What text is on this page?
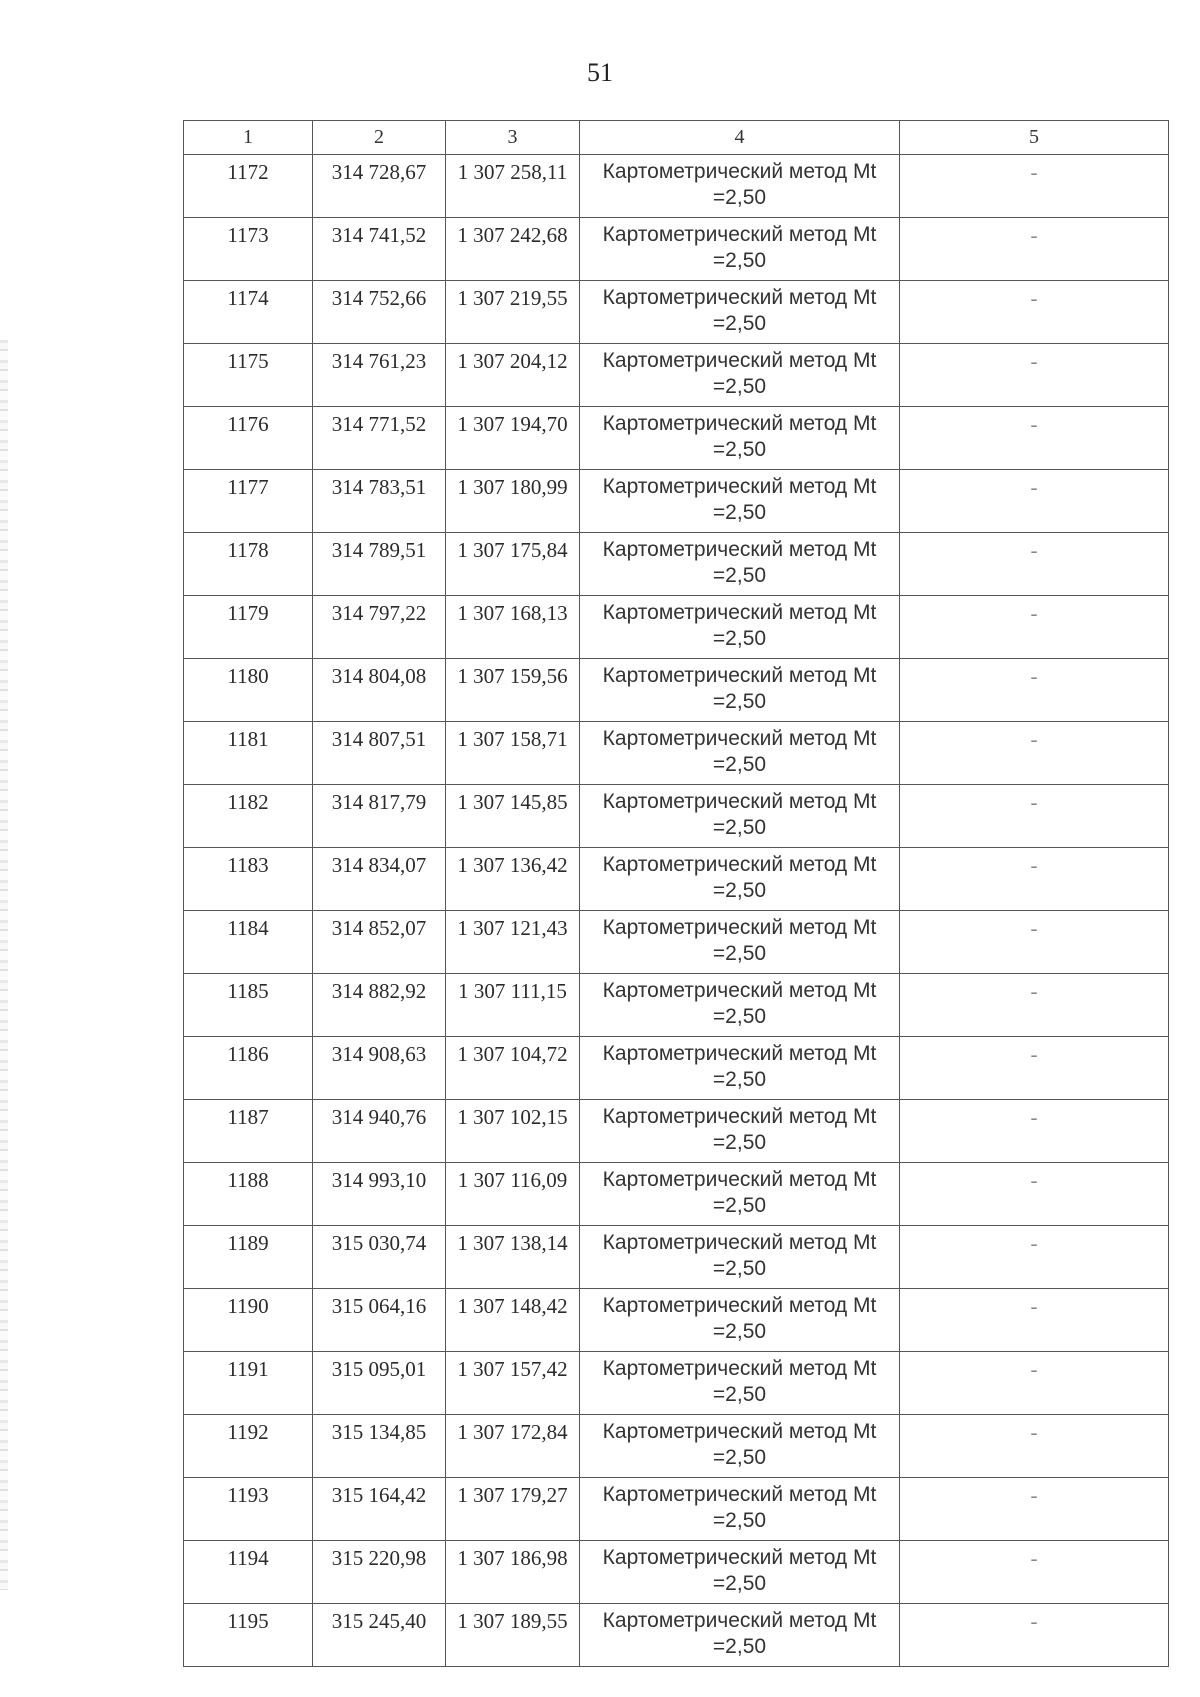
51
1	2	3	4	5
1172	314 728,67	1 307 258,11	Картометрический метод Mt =2,50	-
1173	314 741,52	1 307 242,68	Картометрический метод Mt =2,50	-
1174	314 752,66	1 307 219,55	Картометрический метод Mt =2,50	-
1175	314 761,23	1 307 204,12	Картометрический метод Mt =2,50	-
1176	314 771,52	1 307 194,70	Картометрический метод Mt =2,50	-
1177	314 783,51	1 307 180,99	Картометрический метод Mt =2,50	-
1178	314 789,51	1 307 175,84	Картометрический метод Mt =2,50	-
1179	314 797,22	1 307 168,13	Картометрический метод Mt =2,50	-
1180	314 804,08	1 307 159,56	Картометрический метод Mt =2,50	-
1181	314 807,51	1 307 158,71	Картометрический метод Mt =2,50	-
1182	314 817,79	1 307 145,85	Картометрический метод Mt =2,50	-
1183	314 834,07	1 307 136,42	Картометрический метод Mt =2,50	-
1184	314 852,07	1 307 121,43	Картометрический метод Mt =2,50	-
1185	314 882,92	1 307 111,15	Картометрический метод Mt =2,50	-
1186	314 908,63	1 307 104,72	Картометрический метод Mt =2,50	-
1187	314 940,76	1 307 102,15	Картометрический метод Mt =2,50	-
1188	314 993,10	1 307 116,09	Картометрический метод Mt =2,50	-
1189	315 030,74	1 307 138,14	Картометрический метод Mt =2,50	-
1190	315 064,16	1 307 148,42	Картометрический метод Mt =2,50	-
1191	315 095,01	1 307 157,42	Картометрический метод Mt =2,50	-
1192	315 134,85	1 307 172,84	Картометрический метод Mt =2,50	-
1193	315 164,42	1 307 179,27	Картометрический метод Mt =2,50	-
1194	315 220,98	1 307 186,98	Картометрический метод Mt =2,50	-
1195	315 245,40	1 307 189,55	Картометрический метод Mt =2,50	-
